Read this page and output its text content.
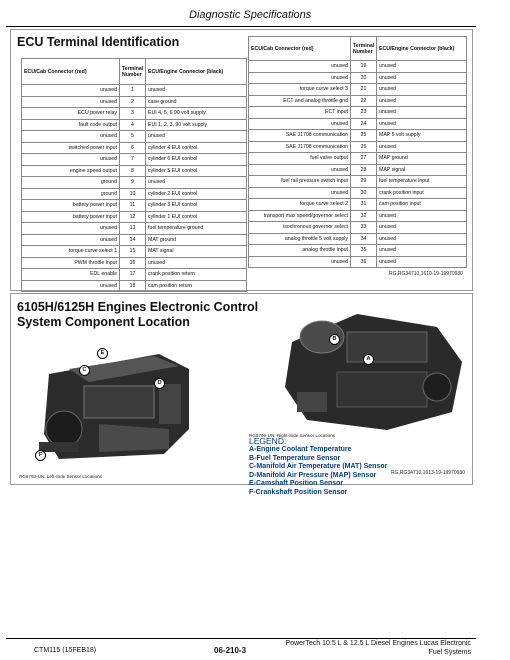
Diagnostic Specifications
ECU Terminal Identification
ECU/Cab Connector (red)	Terminal Number	ECU/Engine Connector (black)
unused	1	unused
unused	2	case ground
ECU power relay	3	EUI 4, 5, 6 90 volt supply
fault code output	4	EUI 1, 2, 3, 90 volt supply
unused	5	unused
switched power input	6	cylinder 4 EUI control
unused	7	cylinder 6 EUI control
engine speed output	8	cylinder 5 EUI control
ground	9	unused
ground	10	cylinder 2 EUI control
battery power input	11	cylinder 3 EUI control
battery power input	12	cylinder 1 EUI control
unused	13	fuel temperature ground
unused	14	MAT ground
torque curve select 1	15	MAT signal
PWM throttle input	16	unused
EDL enable	17	crank position return
unused	18	cam position return
ECU/Cab Connector (red)	Terminal Number	ECU/Engine Connector (black)
unused	19	unused
unused	20	unused
torque curve select 3	21	unused
ECT and analog throttle gnd	22	unused
ECT input	23	unused
unused	24	unused
SAE J1708 communication	25	MAP 5 volt supply
SAE J1708 communication	26	unused
fuel valve output	27	MAP ground
unused	28	MAP signal
fuel rail pressure switch input	29	fuel temperature input
unused	30	crank position input
torque curve select 2	31	cam position input
transport max speed/governor select	32	unused
isochronous governor select	33	unused
analog throttle 5 volt supply	34	unused
analog throttle input	35	unused
unused	36	unused
RG,RG34710,1610-19-19970930
6105H/6125H Engines Electronic Control
System Component Location
E
C
D
F
RG8793-UN: Left-Side Sensor Locations
B
A
RG8796-UN: Right-Side Sensor Locations
LEGEND:
A-Engine Coolant Temperature
B-Fuel Temperature Sensor
C-Manifold Air Temperature (MAT) Sensor
D-Manifold Air Pressure (MAP) Sensor
E-Camshaft Position Sensor
F-Crankshaft Position Sensor
RG,RG34710,1613-19-19970930
CTM115 (15FEB18)	06-210-3
PowerTech 10.5 L & 12.5 L Diesel Engines Lucas Electronic
Fuel Systems
